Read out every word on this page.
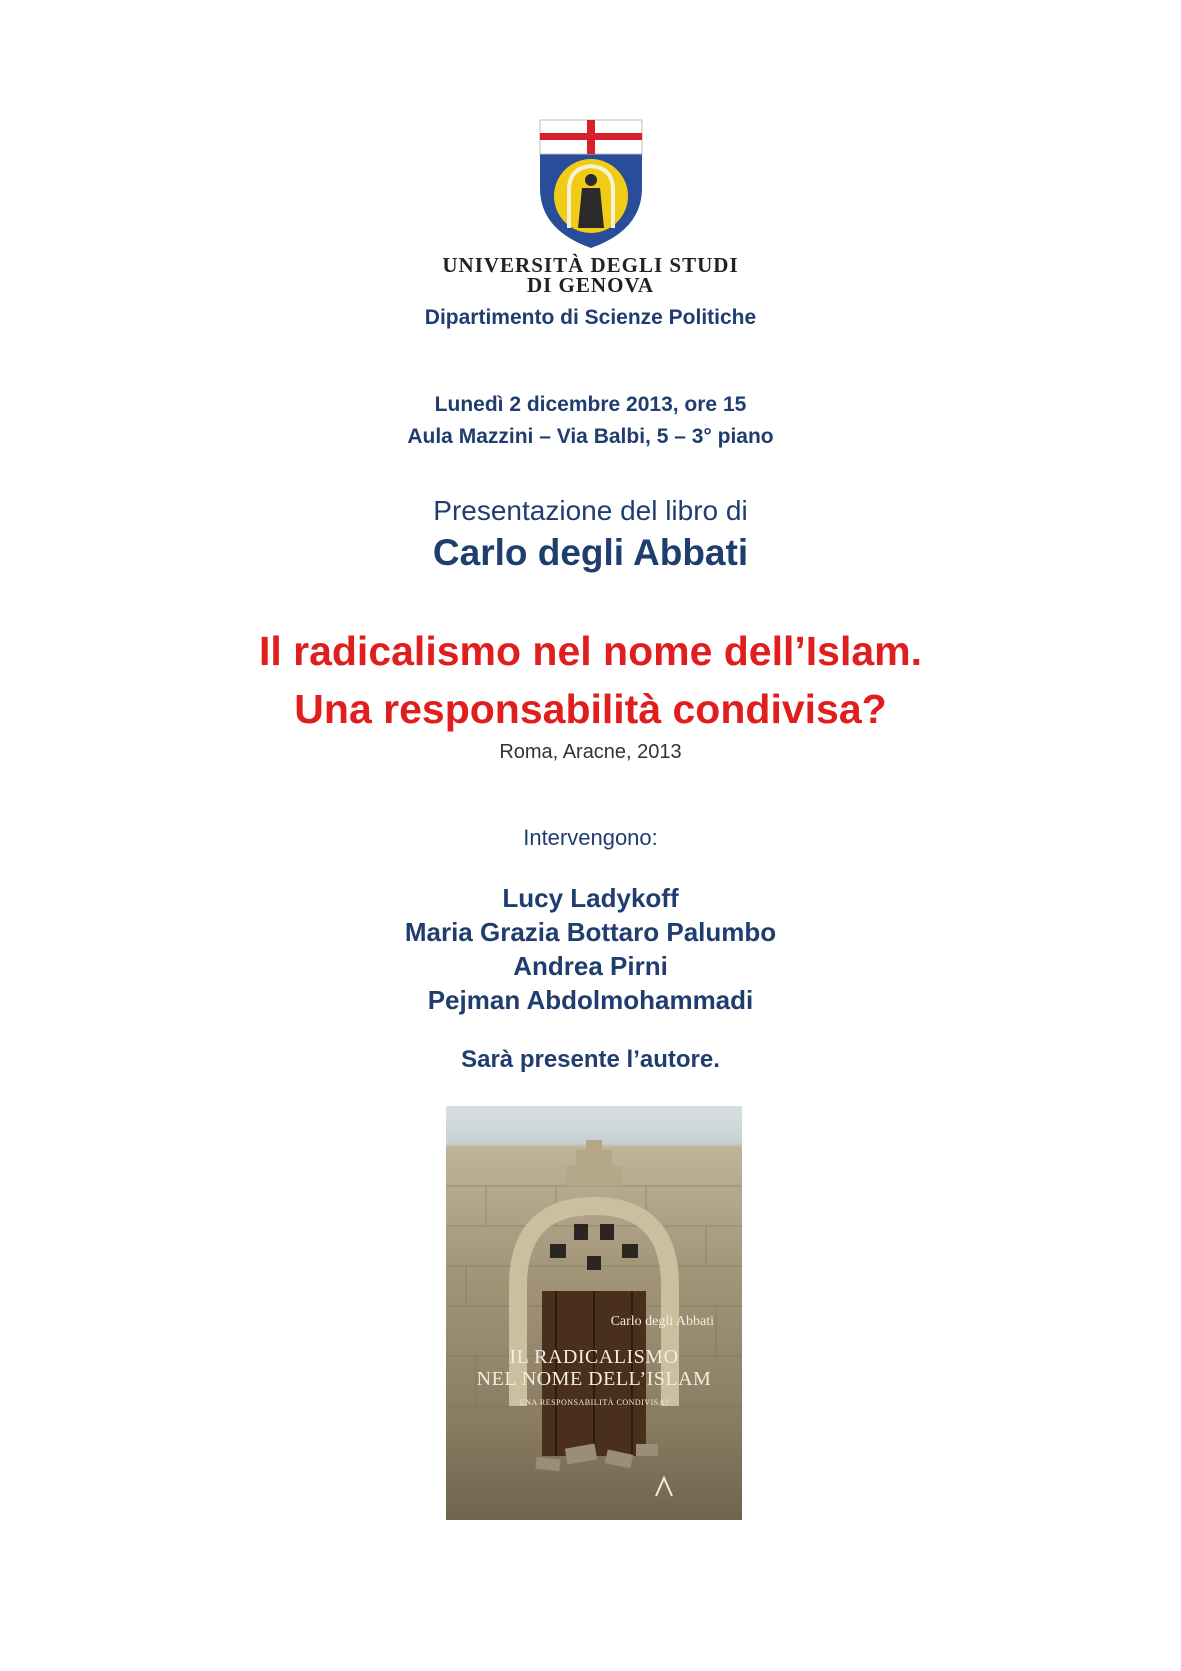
UNIVERSITÀ DEGLI STUDI
DI GENOVA
Dipartimento di Scienze Politiche
Lunedì 2 dicembre 2013, ore 15
Aula Mazzini – Via Balbi, 5 – 3° piano
Presentazione del libro di
Carlo degli Abbati
Il radicalismo nel nome dell’Islam.
Una responsabilità condivisa?
Roma, Aracne, 2013
Intervengono:
Lucy Ladykoff
Maria Grazia Bottaro Palumbo
Andrea Pirni
Pejman Abdolmohammadi
Sarà presente l’autore.
Carlo degli Abbati
IL RADICALISMO
NEL NOME DELL’ISLAM
UNA RESPONSABILITÀ CONDIVISA?
